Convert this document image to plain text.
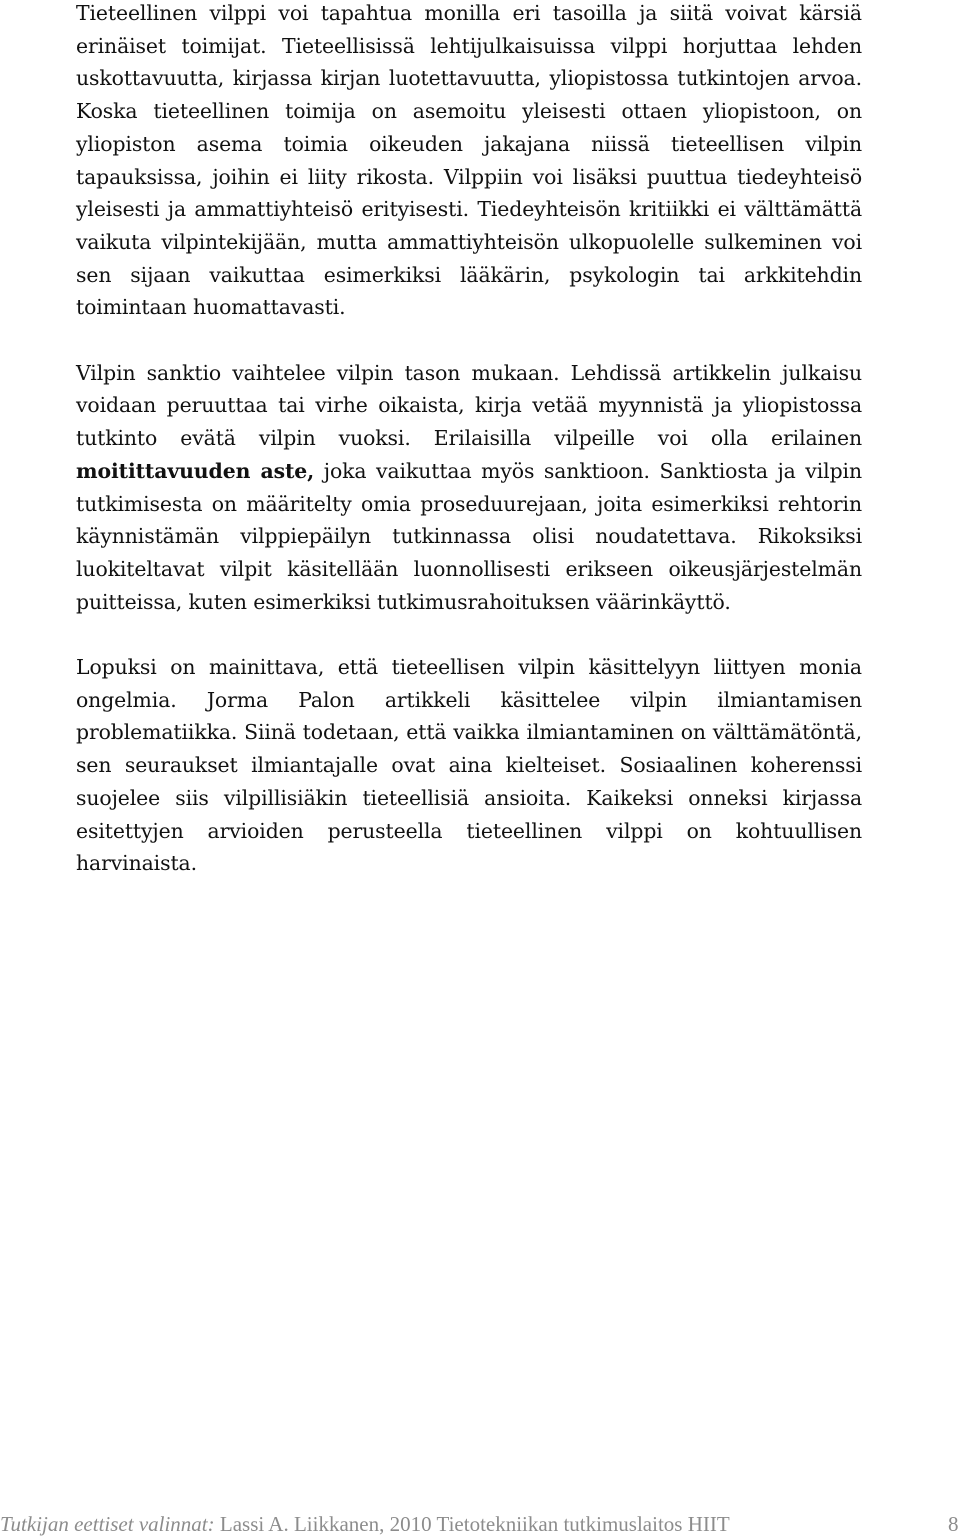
Tieteellinen vilppi voi tapahtua monilla eri tasoilla ja siitä voivat kärsiä erinäiset toimijat. Tieteellisissä lehtijulkaisuissa vilppi horjuttaa lehden uskottavuutta, kirjassa kirjan luotettavuutta, yliopistossa tutkintojen arvoa. Koska tieteellinen toimija on asemoitu yleisesti ottaen yliopistoon, on yliopiston asema toimia oikeuden jakajana niissä tieteellisen vilpin tapauksissa, joihin ei liity rikosta. Vilppiin voi lisäksi puuttua tiedeyhteisö yleisesti ja ammattiyhteisö erityisesti. Tiedeyhteisön kritiikki ei välttämättä vaikuta vilpintekijään, mutta ammattiyhteisön ulkopuolelle sulkeminen voi sen sijaan vaikuttaa esimerkiksi lääkärin, psykologin tai arkkitehdin toimintaan huomattavasti.

Vilpin sanktio vaihtelee vilpin tason mukaan. Lehdissä artikkelin julkaisu voidaan peruuttaa tai virhe oikaista, kirja vetää myynnistä ja yliopistossa tutkinto evätä vilpin vuoksi. Erilaisilla vilpeille voi olla erilainen moitittavuuden aste, joka vaikuttaa myös sanktioon. Sanktiosta ja vilpin tutkimisesta on määritelty omia proseduurejaan, joita esimerkiksi rehtorin käynnistämän vilppiepäilyn tutkinnassa olisi noudatettava. Rikoksiksi luokiteltavat vilpit käsitellään luonnollisesti erikseen oikeusjärjestelmän puitteissa, kuten esimerkiksi tutkimusrahoituksen väärinkäyttö.

Lopuksi on mainittava, että tieteellisen vilpin käsittelyyn liittyen monia ongelmia. Jorma Palon artikkeli käsittelee vilpin ilmiantamisen problematiikka. Siinä todetaan, että vaikka ilmiantaminen on välttämätöntä, sen seuraukset ilmiantajalle ovat aina kielteiset. Sosiaalinen koherenssi suojelee siis vilpillisiäkin tieteellisiä ansioita. Kaikeksi onneksi kirjassa esitettyjen arvioiden perusteella tieteellinen vilppi on kohtuullisen harvinaista.

Tutkijan eettiset valinnat: Lassi A. Liikkanen, 2010 Tietotekniikan tutkimuslaitos HIIT	8
